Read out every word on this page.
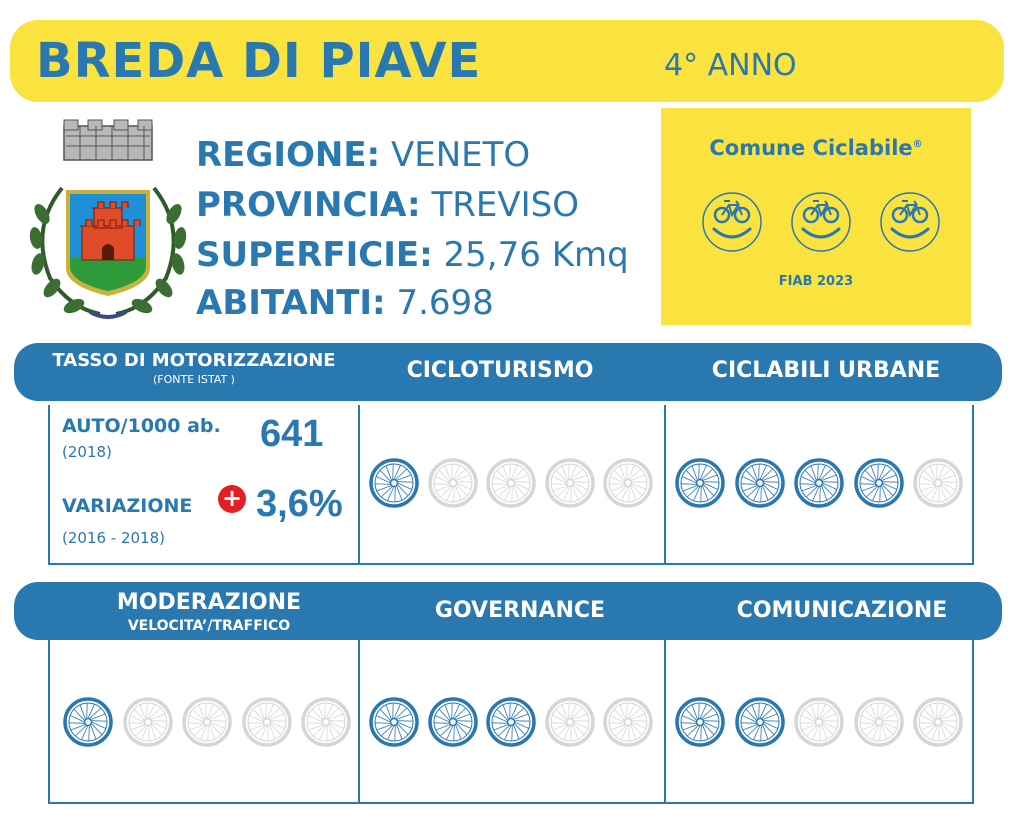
BREDA DI PIAVE	4° ANNO
REGIONE: VENETO
PROVINCIA: TREVISO
SUPERFICIE: 25,76 Kmq
ABITANTI: 7.698
Comune Ciclabile®
FIAB 2023
TASSO DI MOTORIZZAZIONE
(FONTE ISTAT )	CICLOTURISMO	CICLABILI URBANE
AUTO/1000 ab.
(2018)	641
VARIAZIONE + 3,6%
(2016 - 2018)
MODERAZIONE
VELOCITA’/TRAFFICO
GOVERNANCE	COMUNICAZIONE
